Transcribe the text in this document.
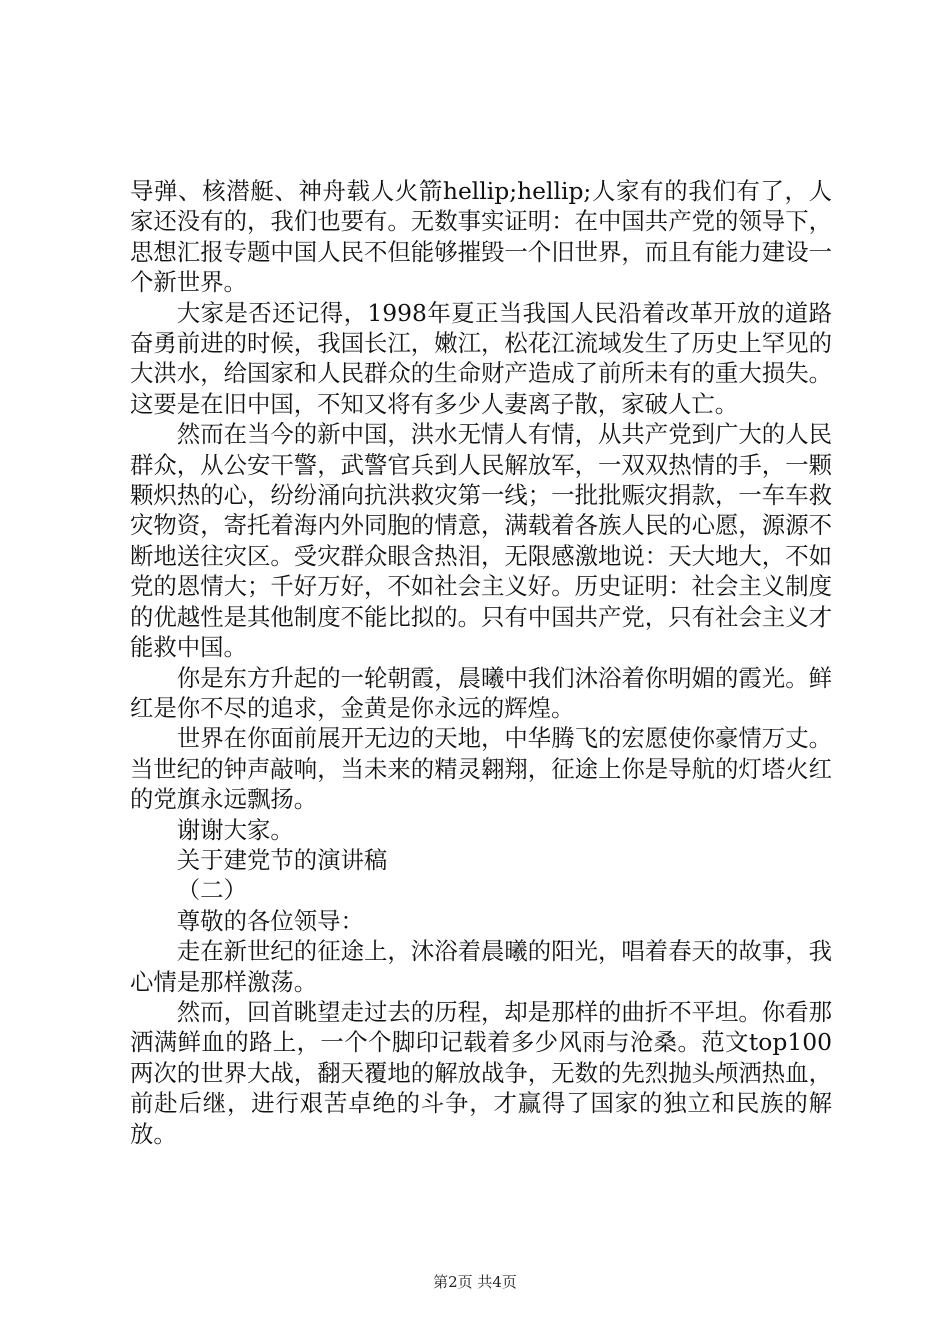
导弹、核潜艇、神舟载人火箭hellip;hellip;人家有的我们有了，人家还没有的，我们也要有。无数事实证明：在中国共产党的领导下，思想汇报专题中国人民不但能够摧毁一个旧世界，而且有能力建设一个新世界。

大家是否还记得，1998年夏正当我国人民沿着改革开放的道路奋勇前进的时候，我国长江，嫩江，松花江流域发生了历史上罕见的大洪水，给国家和人民群众的生命财产造成了前所未有的重大损失。这要是在旧中国，不知又将有多少人妻离子散，家破人亡。

然而在当今的新中国，洪水无情人有情，从共产党到广大的人民群众，从公安干警，武警官兵到人民解放军，一双双热情的手，一颗颗炽热的心，纷纷涌向抗洪救灾第一线；一批批赈灾捐款，一车车救灾物资，寄托着海内外同胞的情意，满载着各族人民的心愿，源源不断地送往灾区。受灾群众眼含热泪，无限感激地说：天大地大，不如党的恩情大；千好万好，不如社会主义好。历史证明：社会主义制度的优越性是其他制度不能比拟的。只有中国共产党，只有社会主义才能救中国。

你是东方升起的一轮朝霞，晨曦中我们沐浴着你明媚的霞光。鲜红是你不尽的追求，金黄是你永远的辉煌。

世界在你面前展开无边的天地，中华腾飞的宏愿使你豪情万丈。当世纪的钟声敲响，当未来的精灵翱翔，征途上你是导航的灯塔火红的党旗永远飘扬。

谢谢大家。

关于建党节的演讲稿

（二）

尊敬的各位领导：

走在新世纪的征途上，沐浴着晨曦的阳光，唱着春天的故事，我心情是那样激荡。

然而，回首眺望走过去的历程，却是那样的曲折不平坦。你看那洒满鲜血的路上，一个个脚印记载着多少风雨与沧桑。范文top100两次的世界大战，翻天覆地的解放战争，无数的先烈抛头颅洒热血，前赴后继，进行艰苦卓绝的斗争，才赢得了国家的独立和民族的解放。

第2页 共4页
